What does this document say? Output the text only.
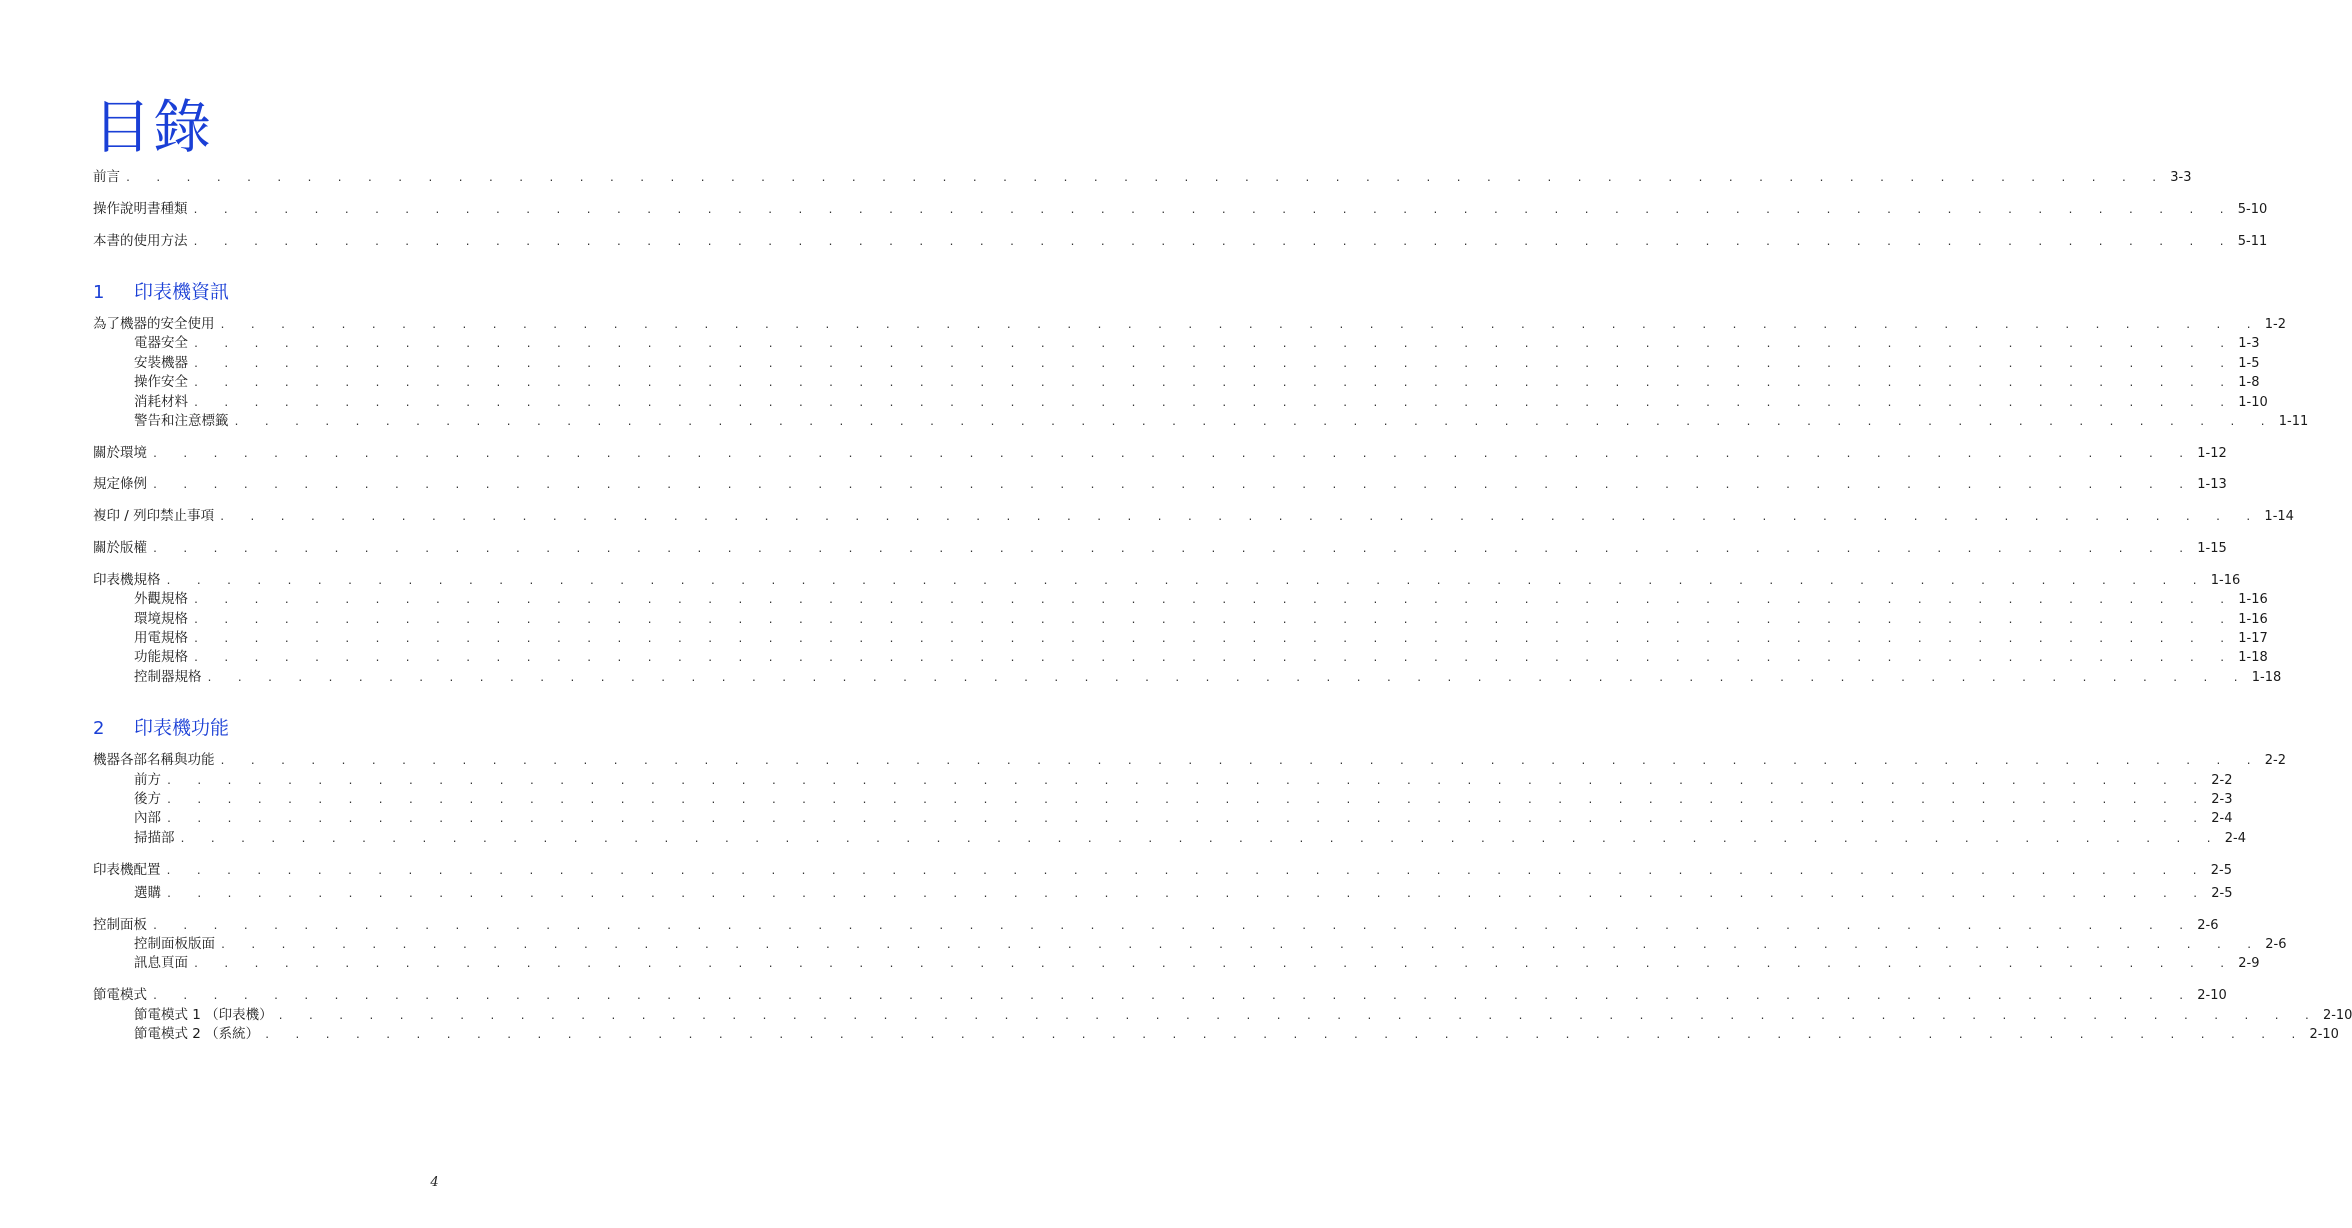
目錄
前言 . . . . . . . . . . . . . . . . . . . . . . . . . . . . . . . . . . . . . . . . . . . . . . . . . . . . . . . . . . . . . . . . . . . . 3-3
操作說明書種類 . . . . . . . . . . . . . . . . . . . . . . . . . . . . . . . . . . . . . . . . . . . . . . . . . . . . . . . . . . . . . . . . . . . . 5-10
本書的使用方法 . . . . . . . . . . . . . . . . . . . . . . . . . . . . . . . . . . . . . . . . . . . . . . . . . . . . . . . . . . . . . . . . . . . . 5-11
1	印表機資訊
為了機器的安全使用 . . . . . . . . . . . . . . . . . . . . . . . . . . . . . . . . . . . . . . . . . . . . . . . . . . . . . . . . . . . . . . . . . . . . 1-2
電器安全 . . . . . . . . . . . . . . . . . . . . . . . . . . . . . . . . . . . . . . . . . . . . . . . . . . . . . . . . . . . . . . . . . . . . 1-3
安裝機器 . . . . . . . . . . . . . . . . . . . . . . . . . . . . . . . . . . . . . . . . . . . . . . . . . . . . . . . . . . . . . . . . . . . . 1-5
操作安全 . . . . . . . . . . . . . . . . . . . . . . . . . . . . . . . . . . . . . . . . . . . . . . . . . . . . . . . . . . . . . . . . . . . . 1-8
消耗材料 . . . . . . . . . . . . . . . . . . . . . . . . . . . . . . . . . . . . . . . . . . . . . . . . . . . . . . . . . . . . . . . . . . . . 1-10
警告和注意標籤 . . . . . . . . . . . . . . . . . . . . . . . . . . . . . . . . . . . . . . . . . . . . . . . . . . . . . . . . . . . . . . . . . . . . 1-11
關於環境 . . . . . . . . . . . . . . . . . . . . . . . . . . . . . . . . . . . . . . . . . . . . . . . . . . . . . . . . . . . . . . . . . . . . 1-12
規定條例 . . . . . . . . . . . . . . . . . . . . . . . . . . . . . . . . . . . . . . . . . . . . . . . . . . . . . . . . . . . . . . . . . . . . 1-13
複印 / 列印禁止事項 . . . . . . . . . . . . . . . . . . . . . . . . . . . . . . . . . . . . . . . . . . . . . . . . . . . . . . . . . . . . . . . . . . . . 1-14
關於版權 . . . . . . . . . . . . . . . . . . . . . . . . . . . . . . . . . . . . . . . . . . . . . . . . . . . . . . . . . . . . . . . . . . . . 1-15
印表機規格 . . . . . . . . . . . . . . . . . . . . . . . . . . . . . . . . . . . . . . . . . . . . . . . . . . . . . . . . . . . . . . . . . . . . 1-16
外觀規格 . . . . . . . . . . . . . . . . . . . . . . . . . . . . . . . . . . . . . . . . . . . . . . . . . . . . . . . . . . . . . . . . . . . . 1-16
環境規格 . . . . . . . . . . . . . . . . . . . . . . . . . . . . . . . . . . . . . . . . . . . . . . . . . . . . . . . . . . . . . . . . . . . . 1-16
用電規格 . . . . . . . . . . . . . . . . . . . . . . . . . . . . . . . . . . . . . . . . . . . . . . . . . . . . . . . . . . . . . . . . . . . . 1-17
功能規格 . . . . . . . . . . . . . . . . . . . . . . . . . . . . . . . . . . . . . . . . . . . . . . . . . . . . . . . . . . . . . . . . . . . . 1-18
控制器規格 . . . . . . . . . . . . . . . . . . . . . . . . . . . . . . . . . . . . . . . . . . . . . . . . . . . . . . . . . . . . . . . . . . . . 1-18
2	印表機功能
機器各部名稱與功能 . . . . . . . . . . . . . . . . . . . . . . . . . . . . . . . . . . . . . . . . . . . . . . . . . . . . . . . . . . . . . . . . . . . . 2-2
前方 . . . . . . . . . . . . . . . . . . . . . . . . . . . . . . . . . . . . . . . . . . . . . . . . . . . . . . . . . . . . . . . . . . . . 2-2
後方 . . . . . . . . . . . . . . . . . . . . . . . . . . . . . . . . . . . . . . . . . . . . . . . . . . . . . . . . . . . . . . . . . . . . 2-3
內部 . . . . . . . . . . . . . . . . . . . . . . . . . . . . . . . . . . . . . . . . . . . . . . . . . . . . . . . . . . . . . . . . . . . . 2-4
掃描部 . . . . . . . . . . . . . . . . . . . . . . . . . . . . . . . . . . . . . . . . . . . . . . . . . . . . . . . . . . . . . . . . . . . . 2-4
印表機配置 . . . . . . . . . . . . . . . . . . . . . . . . . . . . . . . . . . . . . . . . . . . . . . . . . . . . . . . . . . . . . . . . . . . . 2-5
選購 . . . . . . . . . . . . . . . . . . . . . . . . . . . . . . . . . . . . . . . . . . . . . . . . . . . . . . . . . . . . . . . . . . . . 2-5
控制面板 . . . . . . . . . . . . . . . . . . . . . . . . . . . . . . . . . . . . . . . . . . . . . . . . . . . . . . . . . . . . . . . . . . . . 2-6
控制面板版面 . . . . . . . . . . . . . . . . . . . . . . . . . . . . . . . . . . . . . . . . . . . . . . . . . . . . . . . . . . . . . . . . . . . . 2-6
訊息頁面 . . . . . . . . . . . . . . . . . . . . . . . . . . . . . . . . . . . . . . . . . . . . . . . . . . . . . . . . . . . . . . . . . . . . 2-9
節電模式 . . . . . . . . . . . . . . . . . . . . . . . . . . . . . . . . . . . . . . . . . . . . . . . . . . . . . . . . . . . . . . . . . . . . 2-10
節電模式 1 （印表機） . . . . . . . . . . . . . . . . . . . . . . . . . . . . . . . . . . . . . . . . . . . . . . . . . . . . . . . . . . . . . . . . . . . . 2-10
節電模式 2 （系統） . . . . . . . . . . . . . . . . . . . . . . . . . . . . . . . . . . . . . . . . . . . . . . . . . . . . . . . . . . . . . . . . . . . . 2-10
4
